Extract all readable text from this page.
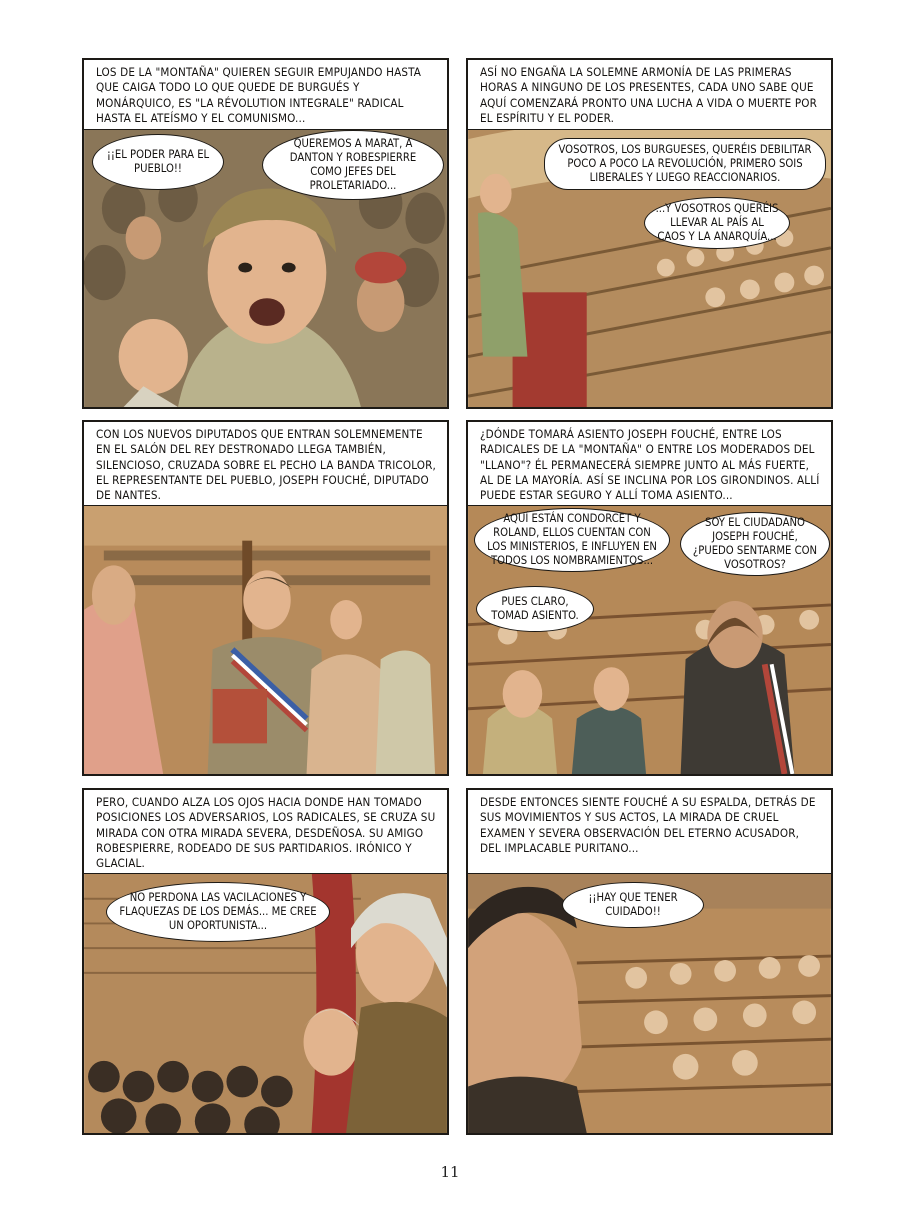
LOS DE LA "MONTAÑA" QUIEREN SEGUIR EMPUJANDO HASTA QUE CAIGA TODO LO QUE QUEDE DE BURGUÉS Y MONÁRQUICO, ES "LA RÉVOLUTION INTEGRALE" RADICAL HASTA EL ATEÍSMO Y EL COMUNISMO...
¡¡EL PODER PARA EL PUEBLO!!
QUEREMOS A MARAT, A DANTON Y ROBESPIERRE COMO JEFES DEL PROLETARIADO...
ASÍ NO ENGAÑA LA SOLEMNE ARMONÍA DE LAS PRIMERAS HORAS A NINGUNO DE LOS PRESENTES, CADA UNO SABE QUE AQUÍ COMENZARÁ PRONTO UNA LUCHA A VIDA O MUERTE POR EL ESPÍRITU Y EL PODER.
VOSOTROS, LOS BURGUESES, QUERÉIS DEBILITAR POCO A POCO LA REVOLUCIÓN, PRIMERO SOIS LIBERALES Y LUEGO REACCIONARIOS.
...Y VOSOTROS QUERÉIS LLEVAR AL PAÍS AL CAOS Y LA ANARQUÍA...
CON LOS NUEVOS DIPUTADOS QUE ENTRAN SOLEMNEMENTE EN EL SALÓN DEL REY DESTRONADO LLEGA TAMBIÉN, SILENCIOSO, CRUZADA SOBRE EL PECHO LA BANDA TRICOLOR, EL REPRESENTANTE DEL PUEBLO, JOSEPH FOUCHÉ, DIPUTADO DE NANTES.
¿DÓNDE TOMARÁ ASIENTO JOSEPH FOUCHÉ, ENTRE LOS RADICALES DE LA "MONTAÑA" O ENTRE LOS MODERADOS DEL "LLANO"? ÉL PERMANECERÁ SIEMPRE JUNTO AL MÁS FUERTE, AL DE LA MAYORÍA. ASÍ SE INCLINA POR LOS GIRONDINOS. ALLÍ PUEDE ESTAR SEGURO Y ALLÍ TOMA ASIENTO...
AQUÍ ESTÁN CONDORCET Y ROLAND, ELLOS CUENTAN CON LOS MINISTERIOS, E INFLUYEN EN TODOS LOS NOMBRAMIENTOS...
SOY EL CIUDADANO JOSEPH FOUCHÉ, ¿PUEDO SENTARME CON VOSOTROS?
PUES CLARO, TOMAD ASIENTO.
PERO, CUANDO ALZA LOS OJOS HACIA DONDE HAN TOMADO POSICIONES LOS ADVERSARIOS, LOS RADICALES, SE CRUZA SU MIRADA CON OTRA MIRADA SEVERA, DESDEÑOSA. SU AMIGO ROBESPIERRE, RODEADO DE SUS PARTIDARIOS. IRÓNICO Y GLACIAL.
NO PERDONA LAS VACILACIONES Y FLAQUEZAS DE LOS DEMÁS... ME CREE UN OPORTUNISTA...
DESDE ENTONCES SIENTE FOUCHÉ A SU ESPALDA, DETRÁS DE SUS MOVIMIENTOS Y SUS ACTOS, LA MIRADA DE CRUEL EXAMEN Y SEVERA OBSERVACIÓN DEL ETERNO ACUSADOR, DEL IMPLACABLE PURITANO...
¡¡HAY QUE TENER CUIDADO!!
11
